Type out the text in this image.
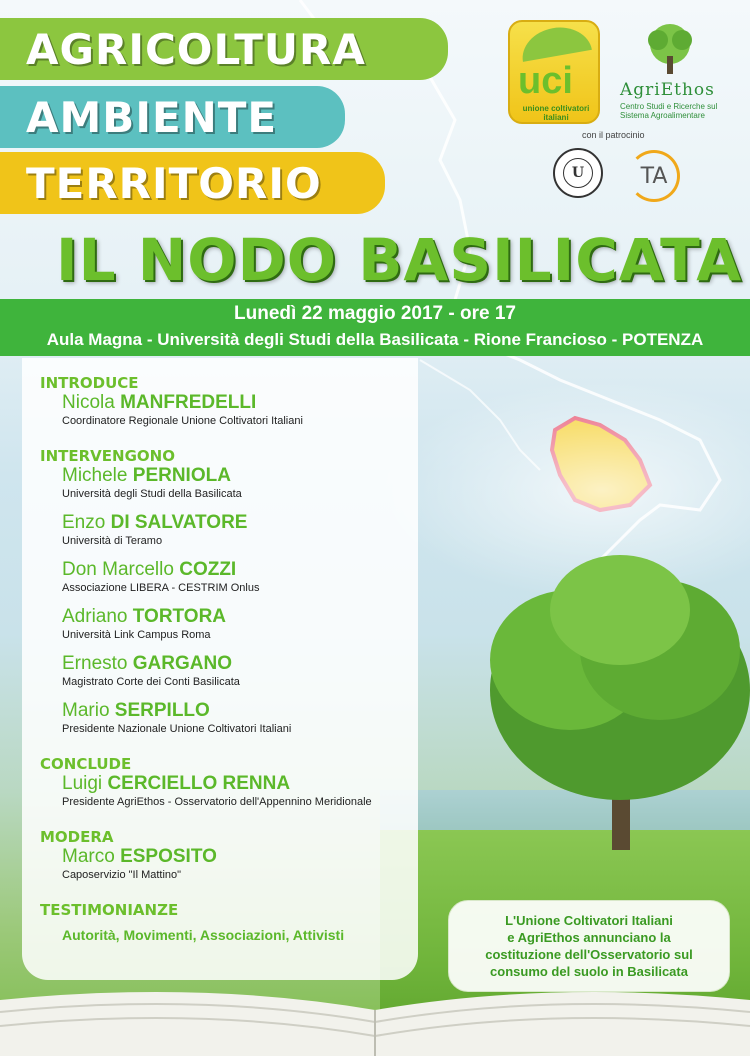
AGRICOLTURA
AMBIENTE
TERRITORIO
IL NODO BASILICATA
uci
unione coltivatori italiani
AgriEthos
Centro Studi e Ricerche sul Sistema Agroalimentare
con il patrocinio
U	TA
Lunedì 22 maggio 2017 - ore 17
Aula Magna - Università degli Studi della Basilicata - Rione Francioso - POTENZA
INTRODUCE
Nicola MANFREDELLI
Coordinatore Regionale Unione Coltivatori Italiani
INTERVENGONO
Michele PERNIOLA
Università degli Studi della Basilicata
Enzo DI SALVATORE
Università di Teramo
Don Marcello COZZI
Associazione LIBERA - CESTRIM Onlus
Adriano TORTORA
Università Link Campus Roma
Ernesto GARGANO
Magistrato Corte dei Conti Basilicata
Mario SERPILLO
Presidente Nazionale Unione Coltivatori Italiani
CONCLUDE
Luigi CERCIELLO RENNA
Presidente AgriEthos - Osservatorio dell'Appennino Meridionale
MODERA
Marco ESPOSITO
Caposervizio "Il Mattino"
TESTIMONIANZE
Autorità, Movimenti, Associazioni, Attivisti
L'Unione Coltivatori Italiani
e AgriEthos annunciano la
costituzione dell'Osservatorio sul
consumo del suolo in Basilicata
